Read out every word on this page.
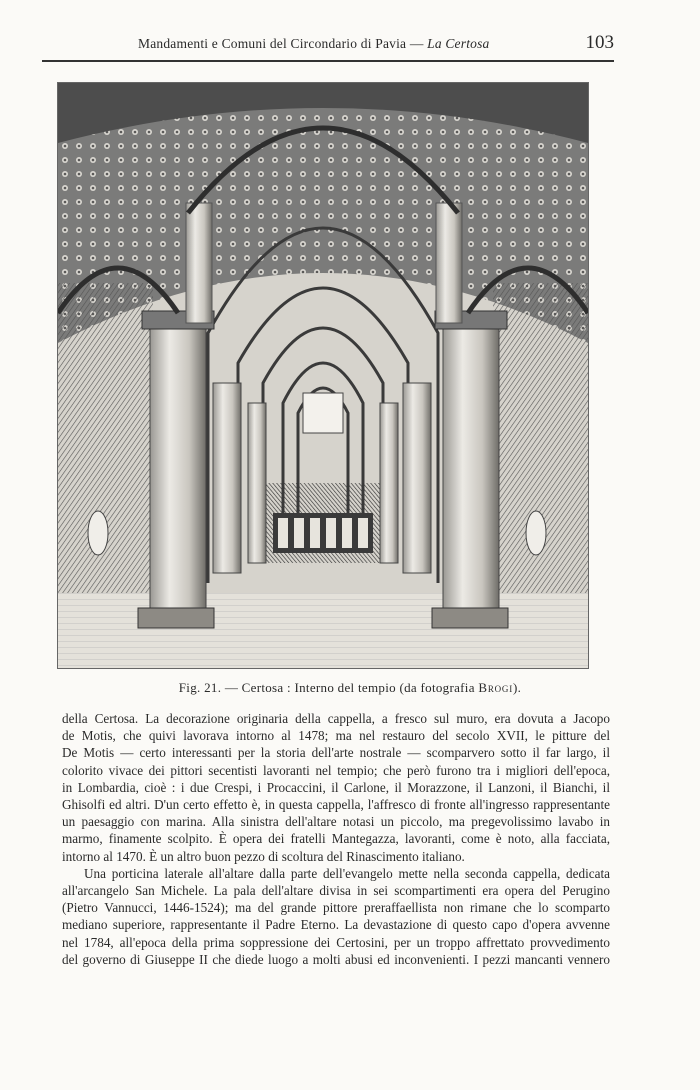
Mandamenti e Comuni del Circondario di Pavia — La Certosa	103
Fig. 21. — Certosa : Interno del tempio (da fotografia Brogi).

della Certosa. La decorazione originaria della cappella, a fresco sul muro, era dovuta a Jacopo
de Motis, che quivi lavorava intorno al 1478; ma nel restauro del secolo XVII, le pitture del
De Motis — certo interessanti per la storia dell'arte nostrale — scomparvero sotto il far largo, il
colorito vivace dei pittori secentisti lavoranti nel tempio; che però furono tra i migliori dell'epoca,
in Lombardia, cioè : i due Crespi, i Procaccini, il Carlone, il Morazzone, il Lanzoni, il Bianchi, il
Ghisolfi ed altri. D'un certo effetto è, in questa cappella, l'affresco di fronte all'ingresso rappresentante
un paesaggio con marina. Alla sinistra dell'altare notasi un piccolo, ma pregevolissimo lavabo in
marmo, finamente scolpito. È opera dei fratelli Mantegazza, lavoranti, come è noto, alla facciata,
intorno al 1470. È un altro buon pezzo di scoltura del Rinascimento italiano.

Una porticina laterale all'altare dalla parte dell'evangelo mette nella seconda cappella, dedicata

all'arcangelo San Michele. La pala dell'altare divisa in sei scompartimenti era opera del Perugino
(Pietro Vannucci, 1446-1524); ma del grande pittore preraffaellista non rimane che lo scomparto
mediano superiore, rappresentante il Padre Eterno. La devastazione di questo capo d'opera avvenne
nel 1784, all'epoca della prima soppressione dei Certosini, per un troppo affrettato provvedimento
del governo di Giuseppe II che diede luogo a molti abusi ed inconvenienti. I pezzi mancanti vennero
